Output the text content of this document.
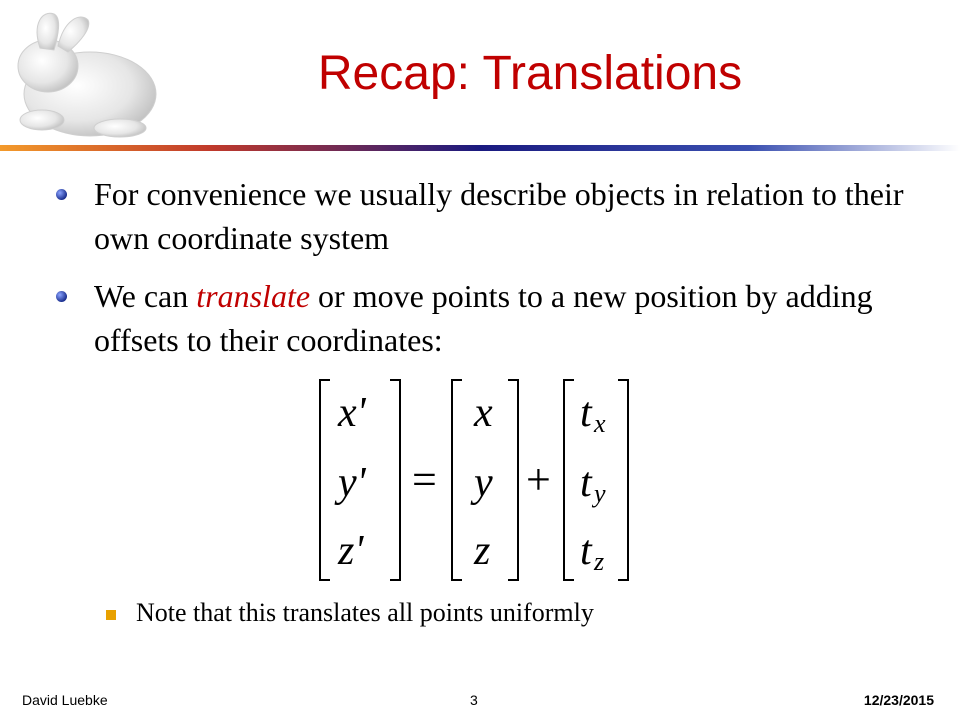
Recap: Translations
For convenience we usually describe objects in relation to their own coordinate system
We can translate or move points to a new position by adding offsets to their coordinates:
x'
y'
z'
=
x
y
z
+
t x
t y
t z
Note that this translates all points uniformly
David Luebke	3	12/23/2015
